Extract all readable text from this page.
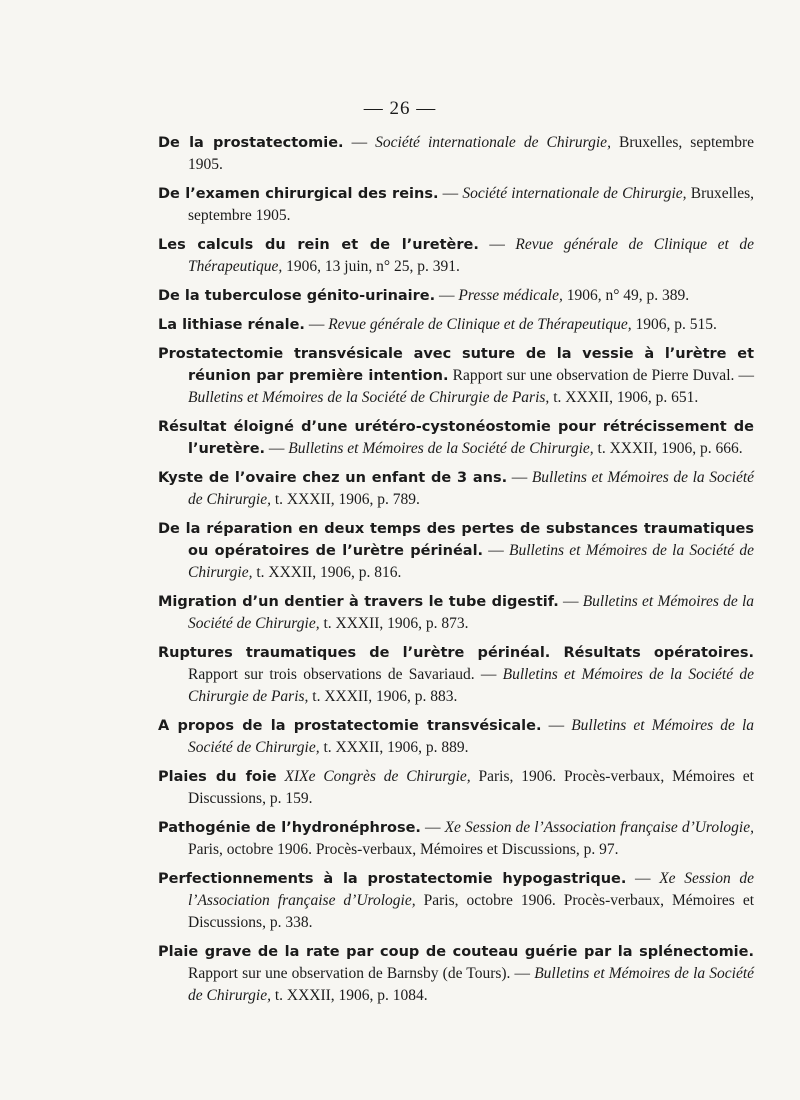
— 26 —
De la prostatectomie. — Société internationale de Chirurgie, Bruxelles, septembre 1905.
De l’examen chirurgical des reins. — Société internationale de Chirurgie, Bruxelles, septembre 1905.
Les calculs du rein et de l’uretère. — Revue générale de Clinique et de Thérapeutique, 1906, 13 juin, n° 25, p. 391.
De la tuberculose génito-urinaire. — Presse médicale, 1906, n° 49, p. 389.
La lithiase rénale. — Revue générale de Clinique et de Thérapeutique, 1906, p. 515.
Prostatectomie transvésicale avec suture de la vessie à l’urètre et réunion par première intention. Rapport sur une observation de Pierre Duval. — Bulletins et Mémoires de la Société de Chirurgie de Paris, t. XXXII, 1906, p. 651.
Résultat éloigné d’une urétéro-cystonéostomie pour rétrécissement de l’uretère. — Bulletins et Mémoires de la Société de Chirurgie, t. XXXII, 1906, p. 666.
Kyste de l’ovaire chez un enfant de 3 ans. — Bulletins et Mémoires de la Société de Chirurgie, t. XXXII, 1906, p. 789.
De la réparation en deux temps des pertes de substances traumatiques ou opératoires de l’urètre périnéal. — Bulletins et Mémoires de la Société de Chirurgie, t. XXXII, 1906, p. 816.
Migration d’un dentier à travers le tube digestif. — Bulletins et Mémoires de la Société de Chirurgie, t. XXXII, 1906, p. 873.
Ruptures traumatiques de l’urètre périnéal. Résultats opératoires. Rapport sur trois observations de Savariaud. — Bulletins et Mémoires de la Société de Chirurgie de Paris, t. XXXII, 1906, p. 883.
A propos de la prostatectomie transvésicale. — Bulletins et Mémoires de la Société de Chirurgie, t. XXXII, 1906, p. 889.
Plaies du foie XIXe Congrès de Chirurgie, Paris, 1906. Procès-verbaux, Mémoires et Discussions, p. 159.
Pathogénie de l’hydronéphrose. — Xe Session de l’Association française d’Urologie, Paris, octobre 1906. Procès-verbaux, Mémoires et Discussions, p. 97.
Perfectionnements à la prostatectomie hypogastrique. — Xe Session de l’Association française d’Urologie, Paris, octobre 1906. Procès-verbaux, Mémoires et Discussions, p. 338.
Plaie grave de la rate par coup de couteau guérie par la splénectomie. Rapport sur une observation de Barnsby (de Tours). — Bulletins et Mémoires de la Société de Chirurgie, t. XXXII, 1906, p. 1084.
